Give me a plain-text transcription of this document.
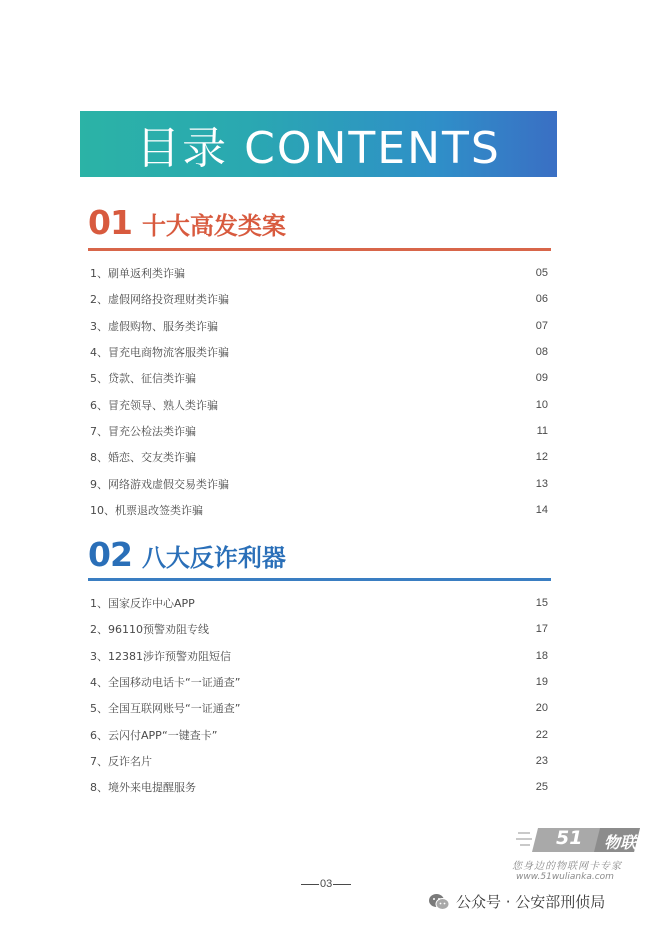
目录 CONTENTS
01 十大高发类案
1、刷单返利类诈骗	05
2、虚假网络投资理财类诈骗	06
3、虚假购物、服务类诈骗	07
4、冒充电商物流客服类诈骗	08
5、贷款、征信类诈骗	09
6、冒充领导、熟人类诈骗	10
7、冒充公检法类诈骗	11
8、婚恋、交友类诈骗	12
9、网络游戏虚假交易类诈骗	13
10、机票退改签类诈骗	14
02 八大反诈利器
1、国家反诈中心APP	15
2、96110预警劝阻专线	17
3、12381涉诈预警劝阻短信	18
4、全国移动电话卡“一证通查”	19
5、全国互联网账号“一证通查”	20
6、云闪付APP“一键查卡”	22
7、反诈名片	23
8、境外来电提醒服务	25
51 物联卡
您身边的物联网卡专家
www.51wulianka.com
03
公众号 · 公安部刑侦局
